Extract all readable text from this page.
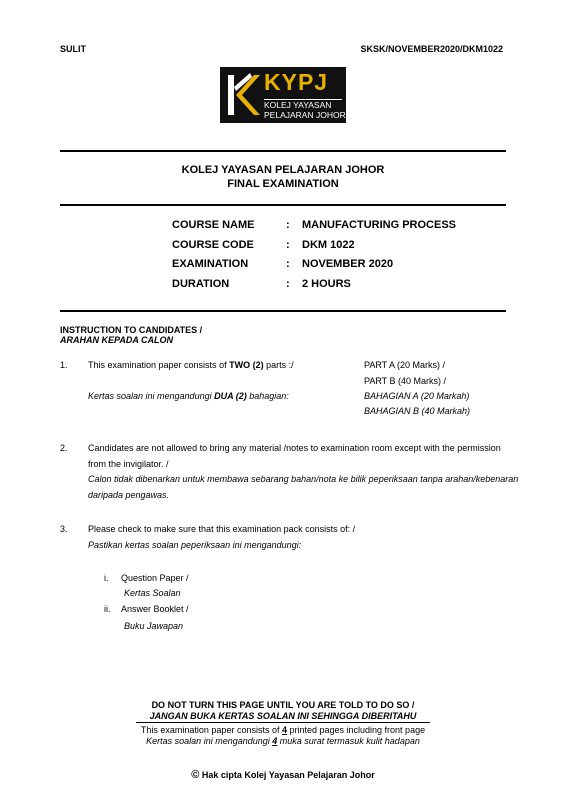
SULIT	SKSK/NOVEMBER2020/DKM1022
KYPJ
KOLEJ YAYASAN
PELAJARAN JOHOR
KOLEJ YAYASAN PELAJARAN JOHOR
FINAL EXAMINATION
COURSE NAME	: MANUFACTURING PROCESS
COURSE CODE	: DKM 1022
EXAMINATION	: NOVEMBER 2020
DURATION	: 2 HOURS
INSTRUCTION TO CANDIDATES /
ARAHAN KEPADA CALON
1. This examination paper consists of TWO (2) parts :/
Kertas soalan ini mengandungi DUA (2) bahagian:
PART A (20 Marks) /
PART B (40 Marks) /
BAHAGIAN A (20 Markah)
BAHAGIAN B (40 Markah)
2. Candidates are not allowed to bring any material /notes to examination room except with the permission
from the invigilator. /
Calon tidak dibenarkan untuk membawa sebarang bahan/nota ke bilik peperiksaan tanpa arahan/kebenaran
daripada pengawas.
3. Please check to make sure that this examination pack consists of: /
Pastikan kertas soalan peperiksaan ini mengandungi:
i. Question Paper /
Kertas Soalan
ii. Answer Booklet /
Buku Jawapan
DO NOT TURN THIS PAGE UNTIL YOU ARE TOLD TO DO SO /
JANGAN BUKA KERTAS SOALAN INI SEHINGGA DIBERITAHU
This examination paper consists of 4 printed pages including front page
Kertas soalan ini mengandungi 4 muka surat termasuk kulit hadapan
© Hak cipta Kolej Yayasan Pelajaran Johor
